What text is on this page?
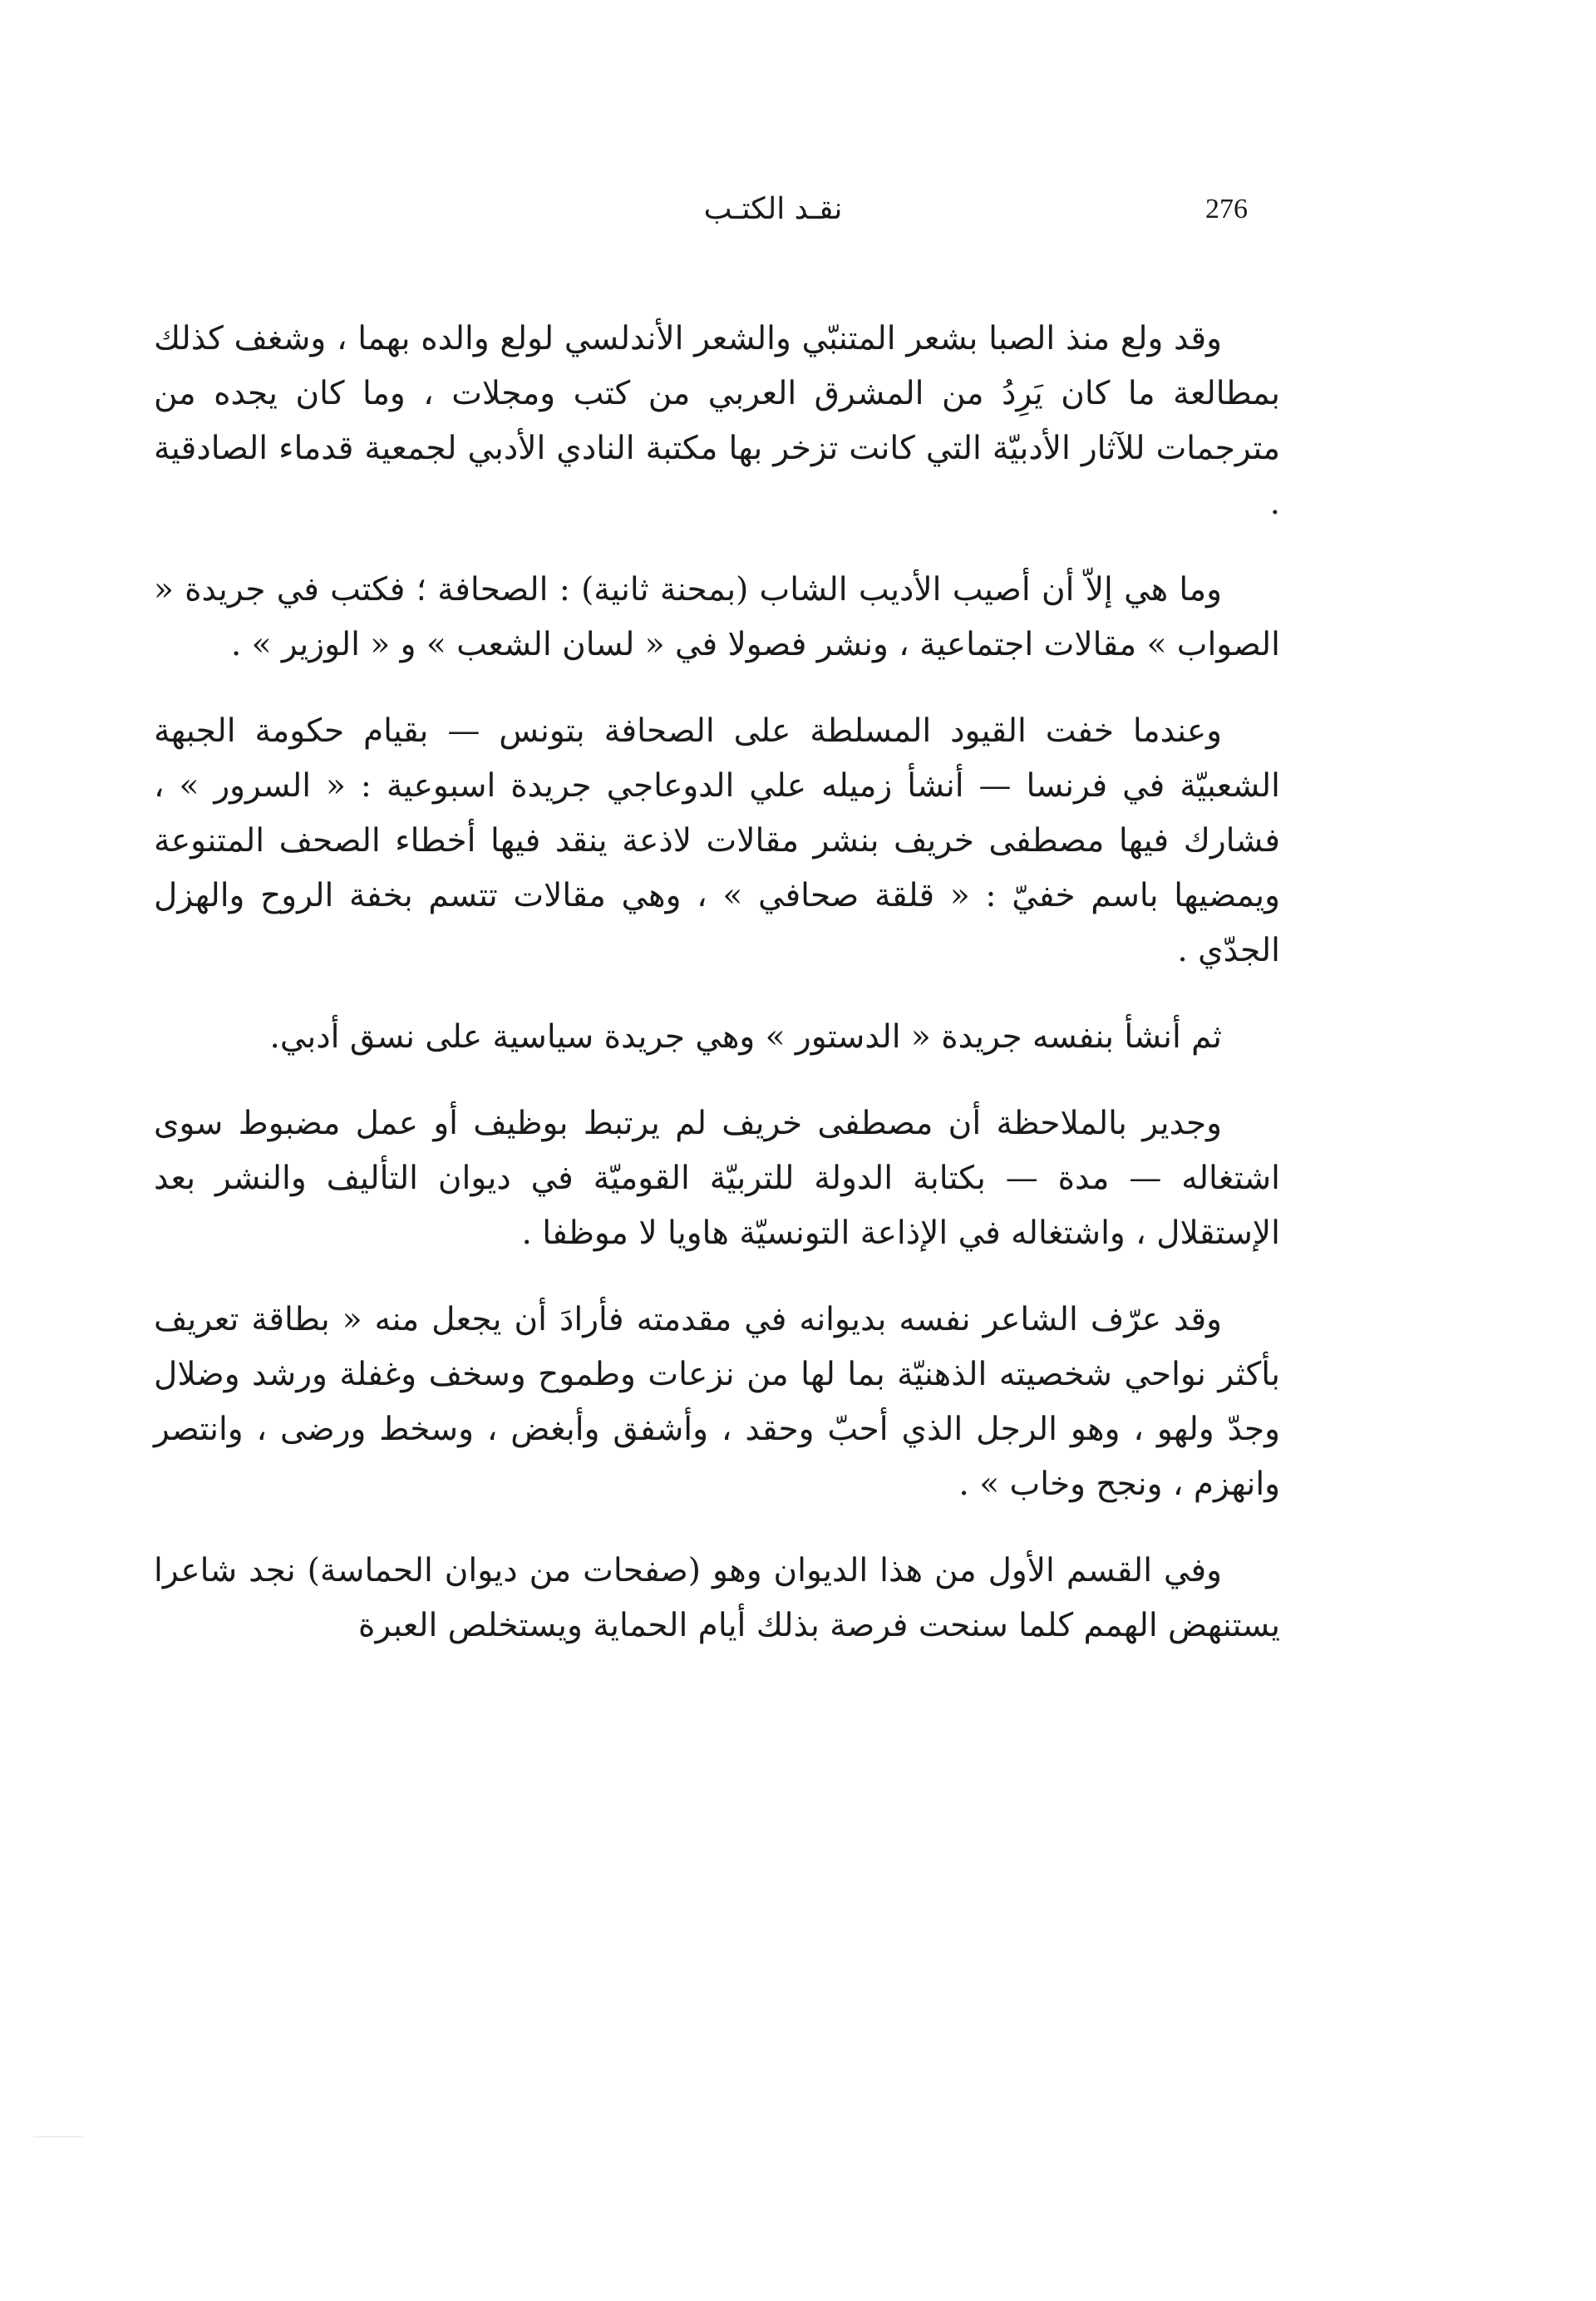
276
نقـد الكتـب

وقد ولع منذ الصبا بشعر المتنبّي والشعر الأندلسي لولع والده بهما ، وشغف كذلك بمطالعة ما كان يَرِدُ من المشرق العربي من كتب ومجلات ، وما كان يجده من مترجمات للآثار الأدبيّة التي كانت تزخر بها مكتبة النادي الأدبي لجمعية قدماء الصادقية .

وما هي إلاّ أن أصيب الأديب الشاب (بمحنة ثانية) : الصحافة ؛ فكتب في جريدة « الصواب » مقالات اجتماعية ، ونشر فصولا في « لسان الشعب » و « الوزير » .

وعندما خفت القيود المسلطة على الصحافة بتونس — بقيام حكومة الجبهة الشعبيّة في فرنسا — أنشأ زميله علي الدوعاجي جريدة اسبوعية : « السرور » ، فشارك فيها مصطفى خريف بنشر مقالات لاذعة ينقد فيها أخطاء الصحف المتنوعة ويمضيها باسم خفيّ : « قلقة صحافي » ، وهي مقالات تتسم بخفة الروح والهزل الجدّي .

ثم أنشأ بنفسه جريدة « الدستور » وهي جريدة سياسية على نسق أدبي.

وجدير بالملاحظة أن مصطفى خريف لم يرتبط بوظيف أو عمل مضبوط سوى اشتغاله — مدة — بكتابة الدولة للتربيّة القوميّة في ديوان التأليف والنشر بعد الإستقلال ، واشتغاله في الإذاعة التونسيّة هاويا لا موظفا .

وقد عرّف الشاعر نفسه بديوانه في مقدمته فأرادَ أن يجعل منه « بطاقة تعريف بأكثر نواحي شخصيته الذهنيّة بما لها من نزعات وطموح وسخف وغفلة ورشد وضلال وجدّ ولهو ، وهو الرجل الذي أحبّ وحقد ، وأشفق وأبغض ، وسخط ورضى ، وانتصر وانهزم ، ونجح وخاب » .

وفي القسم الأول من هذا الديوان وهو (صفحات من ديوان الحماسة) نجد شاعرا يستنهض الهمم كلما سنحت فرصة بذلك أيام الحماية ويستخلص العبرة
